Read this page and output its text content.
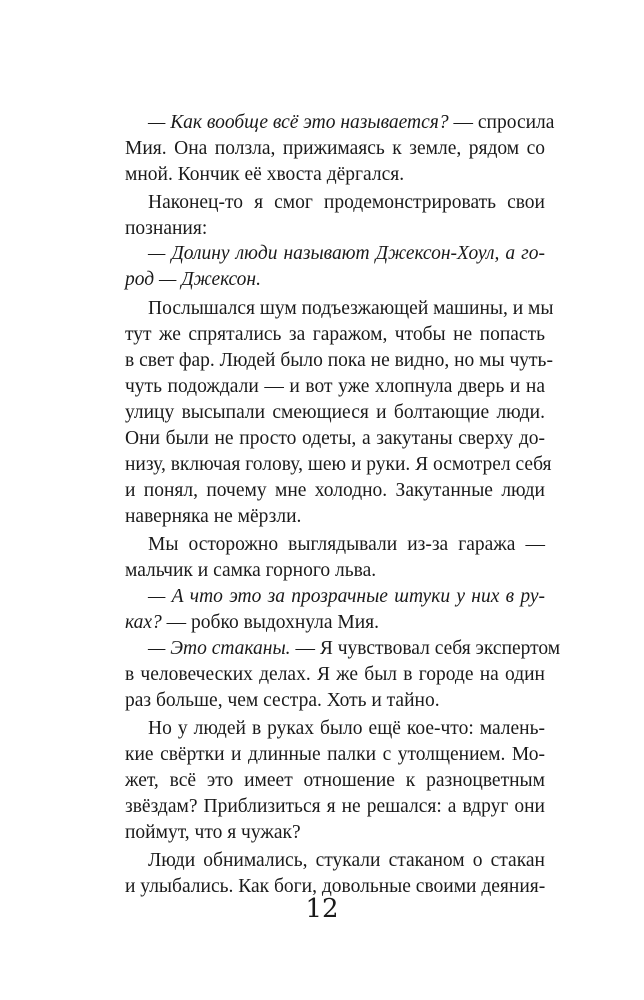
— Как вообще всё это называется? — спросила
Мия. Она ползла, прижимаясь к земле, рядом со
мной. Кончик её хвоста дёргался.
Наконец-то я смог продемонстрировать свои
познания:
— Долину люди называют Джексон-Хоул, а го-
род — Джексон.
Послышался шум подъезжающей машины, и мы
тут же спрятались за гаражом, чтобы не попасть
в свет фар. Людей было пока не видно, но мы чуть-
чуть подождали — и вот уже хлопнула дверь и на
улицу высыпали смеющиеся и болтающие люди.
Они были не просто одеты, а закутаны сверху до-
низу, включая голову, шею и руки. Я осмотрел себя
и понял, почему мне холодно. Закутанные люди
наверняка не мёрзли.
Мы осторожно выглядывали из-за гаража —
мальчик и самка горного льва.
— А что это за прозрачные штуки у них в ру-
ках? — робко выдохнула Мия.
— Это стаканы. — Я чувствовал себя экспертом
в человеческих делах. Я же был в городе на один
раз больше, чем сестра. Хоть и тайно.
Но у людей в руках было ещё кое-что: малень-
кие свёртки и длинные палки с утолщением. Мо-
жет, всё это имеет отношение к разноцветным
звёздам? Приблизиться я не решался: а вдруг они
поймут, что я чужак?
Люди обнимались, стукали стаканом о стакан
и улыбались. Как боги, довольные своими деяния-
12
